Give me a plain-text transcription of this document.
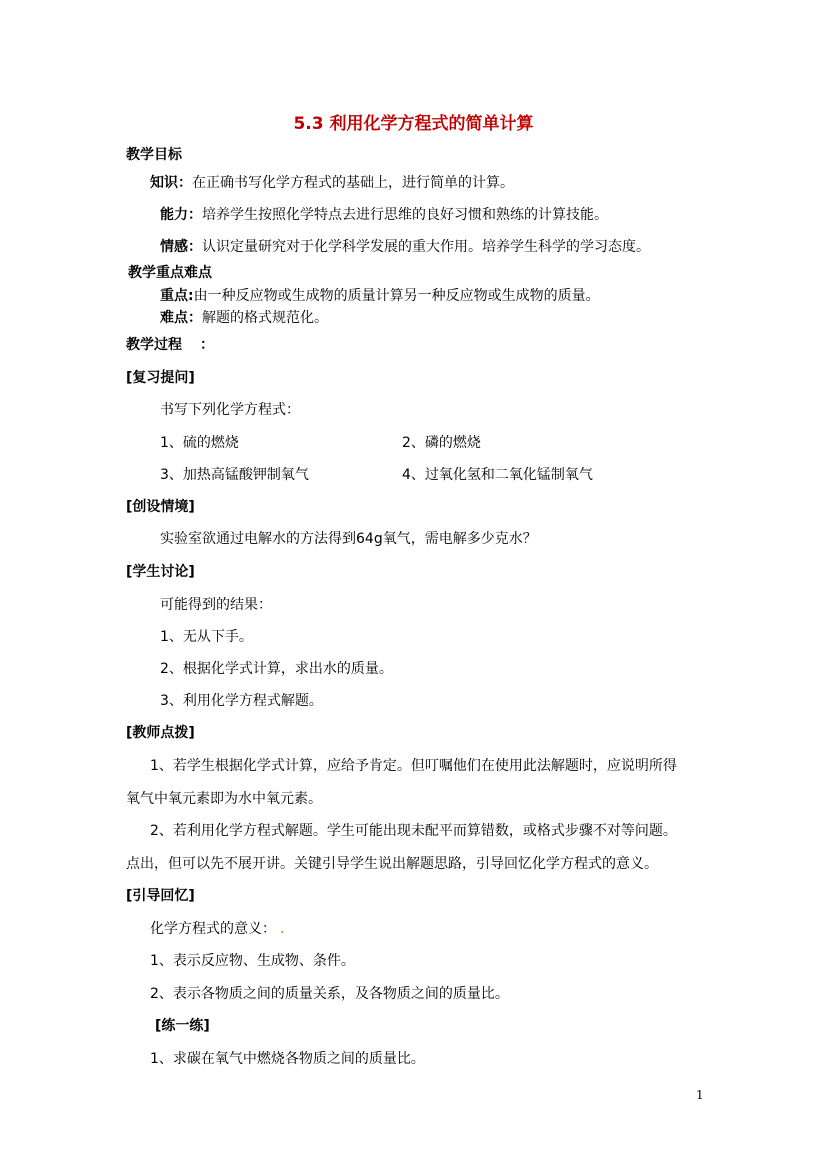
5.3 利用化学方程式的简单计算
教学目标
知识：在正确书写化学方程式的基础上，进行简单的计算。
能力：培养学生按照化学特点去进行思维的良好习惯和熟练的计算技能。
情感：认识定量研究对于化学科学发展的重大作用。培养学生科学的学习态度。
教学重点难点
重点:由一种反应物或生成物的质量计算另一种反应物或生成物的质量。
难点：解题的格式规范化。
教学过程 ：
[复习提问]
书写下列化学方程式：
1、硫的燃烧	2、磷的燃烧
3、加热高锰酸钾制氧气	4、过氧化氢和二氧化锰制氧气
[创设情境]
实验室欲通过电解水的方法得到64g氧气，需电解多少克水？
[学生讨论]
可能得到的结果：
1、无从下手。
2、根据化学式计算，求出水的质量。
3、利用化学方程式解题。
[教师点拨]
1、若学生根据化学式计算，应给予肯定。但叮嘱他们在使用此法解题时，应说明所得
氧气中氧元素即为水中氧元素。
2、若利用化学方程式解题。学生可能出现未配平而算错数，或格式步骤不对等问题。
点出，但可以先不展开讲。关键引导学生说出解题思路，引导回忆化学方程式的意义。
[引导回忆]
化学方程式的意义： .
1、表示反应物、生成物、条件。
2、表示各物质之间的质量关系，及各物质之间的质量比。
[练一练]
1、求碳在氧气中燃烧各物质之间的质量比。
1
